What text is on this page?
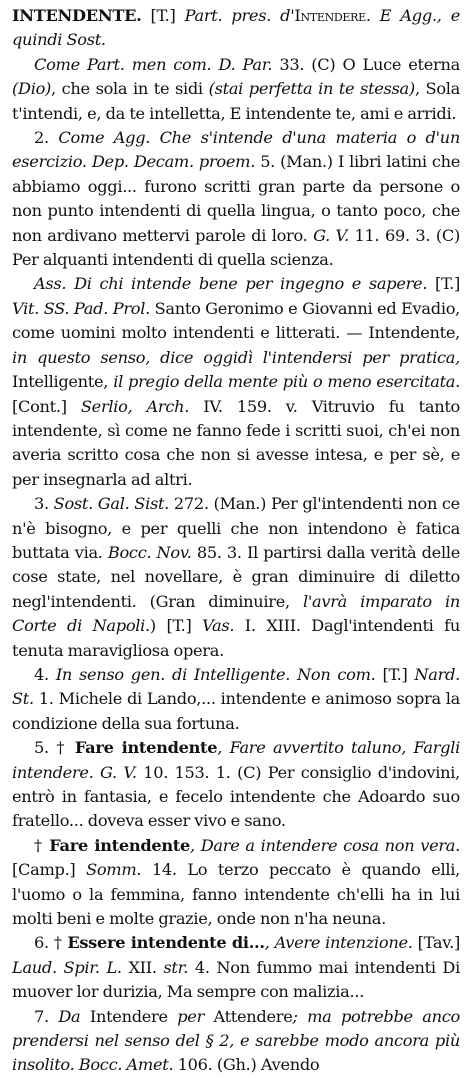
INTENDENTE. [T.] Part. pres. d'Intendere. E Agg., e quindi Sost.

Come Part. men com. D. Par. 33. (C) O Luce eterna (Dio), che sola in te sidi (stai perfetta in te stessa), Sola t'intendi, e, da te intelletta, E intendente te, ami e arridi.

2. Come Agg. Che s'intende d'una materia o d'un esercizio. Dep. Decam. proem. 5. (Man.) I libri latini che abbiamo oggi... furono scritti gran parte da persone o non punto intendenti di quella lingua, o tanto poco, che non ardivano mettervi parole di loro. G. V. 11. 69. 3. (C) Per alquanti intendenti di quella scienza.

Ass. Di chi intende bene per ingegno e sapere. [T.] Vit. SS. Pad. Prol. Santo Geronimo e Giovanni ed Evadio, come uomini molto intendenti e litterati. — Intendente, in questo senso, dice oggidì l'intendersi per pratica, Intelligente, il pregio della mente più o meno esercitata. [Cont.] Serlio, Arch. IV. 159. v. Vitruvio fu tanto intendente, sì come ne fanno fede i scritti suoi, ch'ei non averia scritto cosa che non si avesse intesa, e per sè, e per insegnarla ad altri.

3. Sost. Gal. Sist. 272. (Man.) Per gl'intendenti non ce n'è bisogno, e per quelli che non intendono è fatica buttata via. Bocc. Nov. 85. 3. Il partirsi dalla verità delle cose state, nel novellare, è gran diminuire di diletto negl'intendenti. (Gran diminuire, l'avrà imparato in Corte di Napoli.) [T.] Vas. I. XIII. Dagl'intendenti fu tenuta maravigliosa opera.

4. In senso gen. di Intelligente. Non com. [T.] Nard. St. 1. Michele di Lando,... intendente e animoso sopra la condizione della sua fortuna.

5. † Fare intendente, Fare avvertito taluno, Fargli intendere. G. V. 10. 153. 1. (C) Per consiglio d'indovini, entrò in fantasia, e fecelo intendente che Adoardo suo fratello... doveva esser vivo e sano.

† Fare intendente, Dare a intendere cosa non vera. [Camp.] Somm. 14. Lo terzo peccato è quando elli, l'uomo o la femmina, fanno intendente ch'elli ha in lui molti beni e molte grazie, onde non n'ha neuna.

6. † Essere intendente di..., Avere intenzione. [Tav.] Laud. Spir. L. XII. str. 4. Non fummo mai intendenti Di muover lor durizia, Ma sempre con malizia...

7. Da Intendere per Attendere; ma potrebbe anco prendersi nel senso del § 2, e sarebbe modo ancora più insolito. Bocc. Amet. 106. (Gh.) Avendo
